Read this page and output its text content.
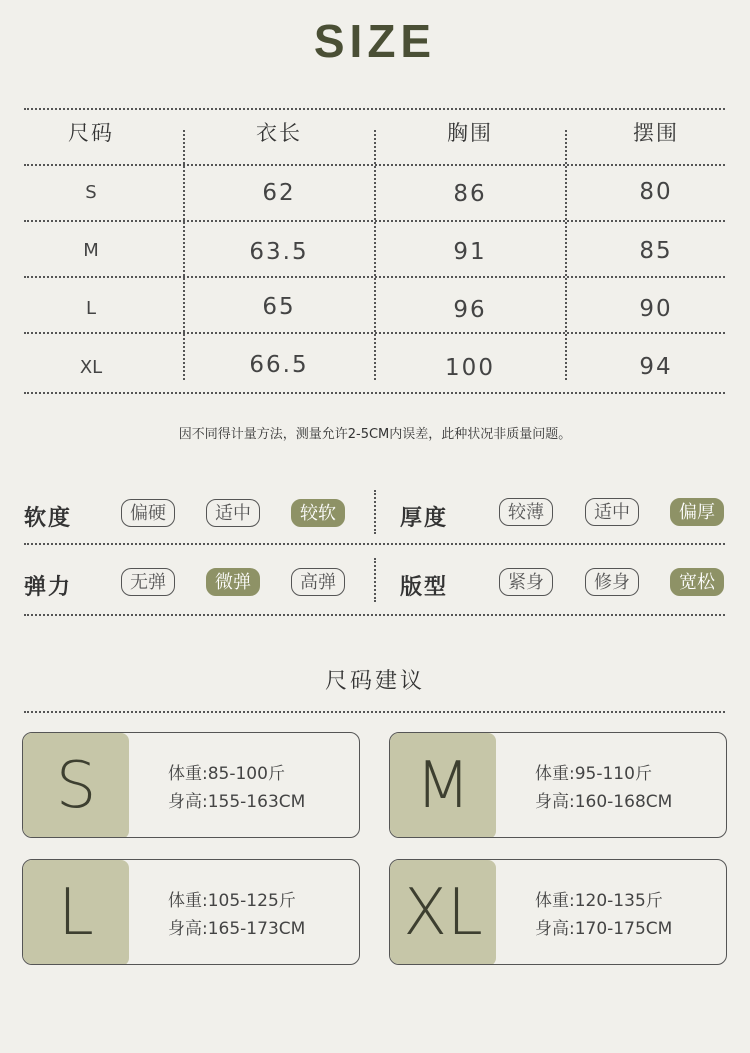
SIZE
尺码	衣长	胸围	摆围
S	62	86	80
M	63.5	91	85
L	65	96	90
XL	66.5	100	94
因不同得计量方法，测量允许2-5CM内误差，此种状况非质量问题。
软度	偏硬	适中	较软	厚度	较薄	适中	偏厚
弹力	无弹	微弹	高弹	版型	紧身	修身	宽松
尺码建议
S	体重:85-100斤
身高:155-163CM	M	体重:95-110斤
身高:160-168CM
L	体重:105-125斤
身高:165-173CM XL	体重:120-135斤
身高:170-175CM
